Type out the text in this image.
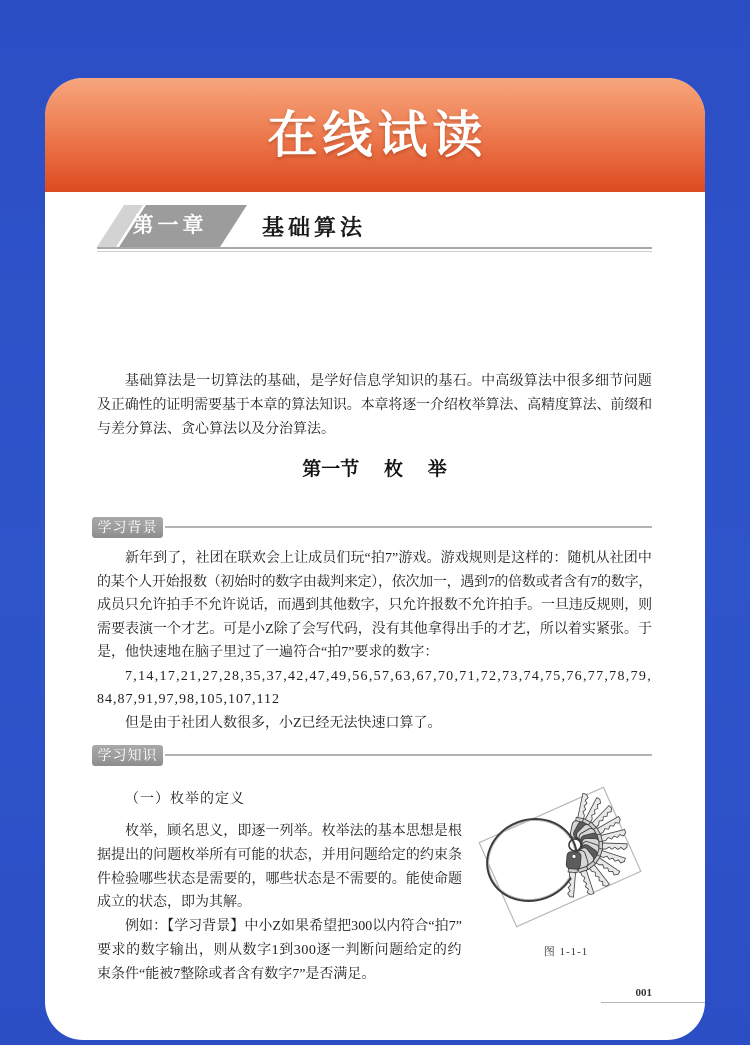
在线试读
第一章	基础算法
基础算法是一切算法的基础，是学好信息学知识的基石。中高级算法中很多细节问题
及正确性的证明需要基于本章的算法知识。本章将逐一介绍枚举算法、高精度算法、前缀和
与差分算法、贪心算法以及分治算法。
第一节 枚 举
学习背景
新年到了，社团在联欢会上让成员们玩“拍7”游戏。游戏规则是这样的：随机从社团中
的某个人开始报数（初始时的数字由裁判来定），依次加一，遇到7的倍数或者含有7的数字，
成员只允许拍手不允许说话，而遇到其他数字，只允许报数不允许拍手。一旦违反规则，则
需要表演一个才艺。可是小Z除了会写代码，没有其他拿得出手的才艺，所以着实紧张。于
是，他快速地在脑子里过了一遍符合“拍7”要求的数字：
7,14,17,21,27,28,35,37,42,47,49,56,57,63,67,70,71,72,73,74,75,76,77,78,79,
84,87,91,97,98,105,107,112
但是由于社团人数很多，小Z已经无法快速口算了。
学习知识
（一）枚举的定义
枚举，顾名思义，即逐一列举。枚举法的基本思想是根
据提出的问题枚举所有可能的状态，并用问题给定的约束条
件检验哪些状态是需要的，哪些状态是不需要的。能使命题
成立的状态，即为其解。
例如：【学习背景】中小Z如果希望把300以内符合“拍7”
要求的数字输出，则从数字1到300逐一判断问题给定的约
束条件“能被7整除或者含有数字7”是否满足。
图 1-1-1
001
